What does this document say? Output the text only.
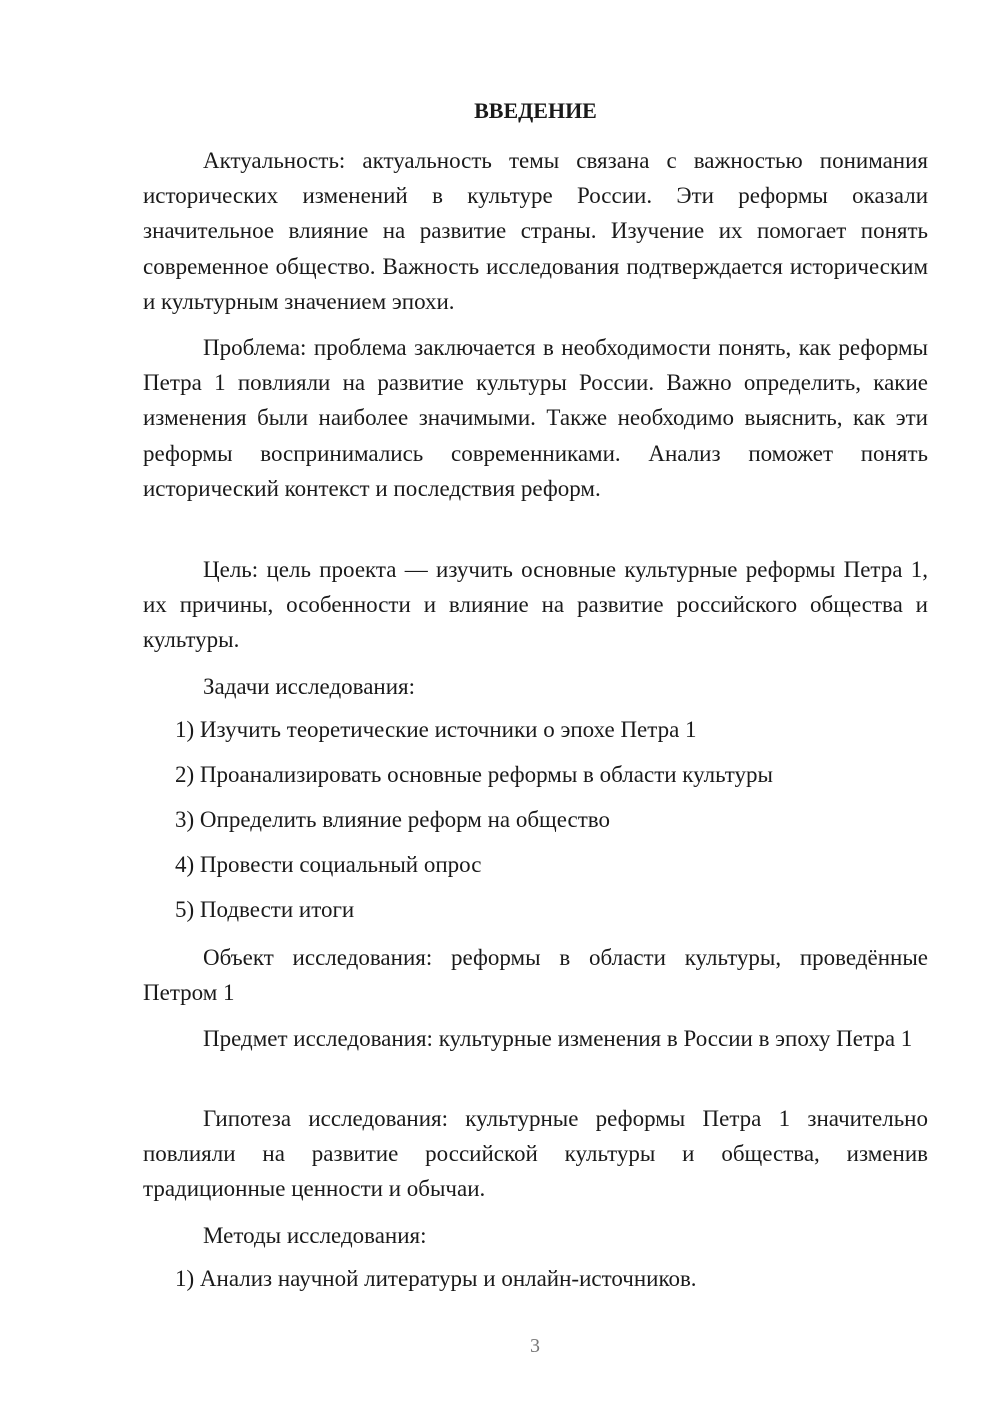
ВВЕДЕНИЕ

Актуальность: актуальность темы связана с важностью понимания исторических изменений в культуре России. Эти реформы оказали значительное влияние на развитие страны. Изучение их помогает понять современное общество. Важность исследования подтверждается историческим и культурным значением эпохи.

Проблема: проблема заключается в необходимости понять, как реформы Петра 1 повлияли на развитие культуры России. Важно определить, какие изменения были наиболее значимыми. Также необходимо выяснить, как эти реформы воспринимались современниками. Анализ поможет понять исторический контекст и последствия реформ.

Цель: цель проекта — изучить основные культурные реформы Петра 1, их причины, особенности и влияние на развитие российского общества и культуры.

Задачи исследования:

1) Изучить теоретические источники о эпохе Петра 1

2) Проанализировать основные реформы в области культуры

3) Определить влияние реформ на общество

4) Провести социальный опрос

5) Подвести итоги

Объект исследования: реформы в области культуры, проведённые Петром 1

Предмет исследования: культурные изменения в России в эпоху Петра 1

Гипотеза исследования: культурные реформы Петра 1 значительно повлияли на развитие российской культуры и общества, изменив традиционные ценности и обычаи.

Методы исследования:

1) Анализ научной литературы и онлайн-источников.

3
